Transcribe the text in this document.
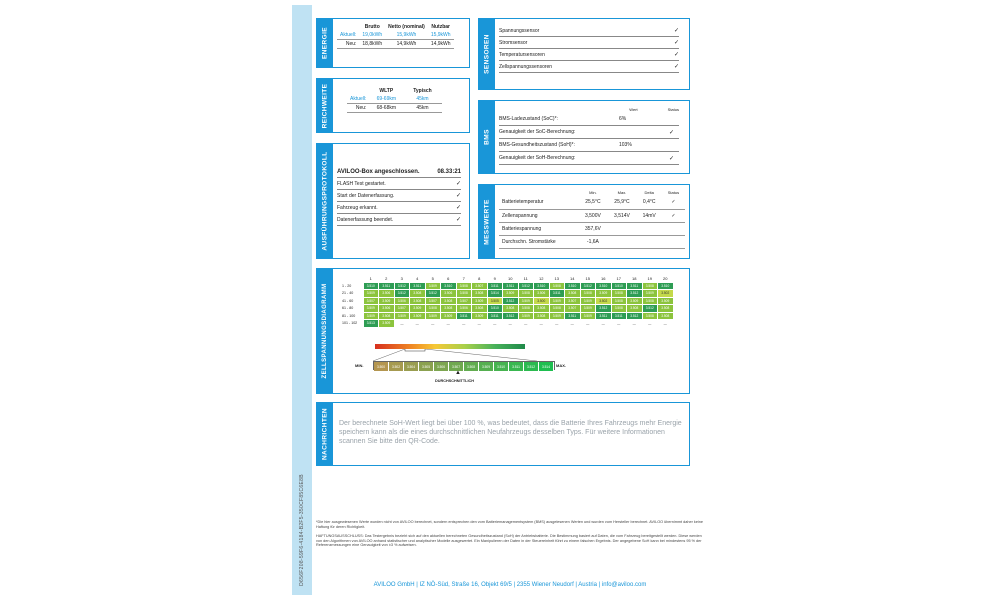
D656F208-59F6-4184-B2F5-350CF85C6E8B
ENERGIE
		Brutto	Netto (nominal)	Nutzbar
Aktuell:	19,0kWh	15,9kWh	15,9kWh
Neu:	18,8kWh	14,9kWh	14,9kWh
REICHWEITE
		WLTP	Typisch
Aktuell:	69-69km	45km
Neu:	68-68km	45km
AUSFÜHRUNGSPROTOKOLL AVILOO-Box angeschlossen.	08.33:21
FLASH Test gestartet.	✓
Start der Datenerfassung.	✓
Fahrzeug erkannt.	✓
Datenerfassung beendet.	✓
SENSOREN
Spannungssensor	✓
Stromsensor	✓
Temperatursensoren	✓
Zellspannungssensoren	✓
BMS
Wert	Status
BMS-Ladezustand (SoC)*:	6%
Genauigkeit der SoC-Berechnung:	✓
BMS-Gesundheitszustand (SoH)*:	103%
Genauigkeit der SoH-Berechnung:	✓
MESSWERTE
	Min.	Max.	Delta	Status
Batterietemperatur	25,5°C	25,9°C	0,4°C	✓
Zellenspannung	3,500V	3,514V	14mV	✓
Batteriespannung	357,6V			
Durchschn. Stromstärke	-1,6A			
ZELLSPANNUNGSDIAGRAMM
	1	2	3	4	5	6	7	8	9	10	11	12	13	14	15	16	17	18	19	20
1 - 20	3.510	3.511	3.512	3.511	3.509	3.510	3.508	3.507	3.511	3.511	3.512	3.510	3.508	3.510	3.512	3.510	3.510	3.511	3.508	3.510
21 - 40	3.509	3.506	3.512	3.508	3.512	3.506	3.508	3.508	3.514	3.509	3.508	3.506	3.511	3.508	3.508	3.509	3.508	3.512	3.509	3.502
41 - 60	3.507	3.509	3.506	3.508	3.507	3.508	3.507	3.509	3.505	3.512	3.509	3.500	3.509	3.507	3.509	3.502	3.508	3.509	3.508	3.509
61 - 80	3.509	3.506	3.507	3.509	3.508	3.508	3.506	3.508	3.510	3.508	3.508	3.508	3.508	3.507	3.509	3.512	3.508	3.508	3.512	3.508
81 - 100	3.509	3.508	3.509	3.509	3.509	3.509	3.511	3.509	3.511	3.512	3.509	3.508	3.509	3.511	3.509	3.511	3.511	3.512	3.508	3.508
101 - 102	3.513	3.509	—	—	—	—	—	—	—	—	—	—	—	—	—	—	—	—	—	—
MIN.	3.500	3.502	3.504	3.505	3.506	3.507	3.508	3.509	3.510	3.511	3.512	3.514	MAX.
▲
DURCHSCHNITTLICH
NACHRICHTEN Der berechnete SoH-Wert liegt bei über 100 %, was bedeutet, dass die Batterie Ihres Fahrzeugs mehr Energie speichern kann als die eines durchschnittlichen Neufahrzeugs desselben Typs. Für weitere Informationen scannen Sie bitte den QR-Code.

*Die hier ausgewiesenen Werte wurden nicht von AVILOO berechnet, sondern entsprechen den vom Batteriemanagementsystem (BMS) ausgelesenen Werten und wurden vom Hersteller berechnet. AVILOO übernimmt daher keine Haftung für deren Richtigkeit.

HAFTUNGSAUSSCHLUSS: Das Testergebnis bezieht sich auf den aktuellen berechneten Gesundheitszustand (SoH) der Antriebsbatterie. Die Bestimmung basiert auf Daten, die vom Fahrzeug bereitgestellt werden. Diese werden von den Algorithmen von AVILOO anhand statistischer und analytischer Modelle ausgewertet. Ein Manipulieren der Daten in der Steuereinheit führt zu einem falschen Ergebnis. Der angegebene SoH kann bei mindestens 95 % der Referenzmessungen eine Genauigkeit von ±3 % aufweisen.

AVILOO GmbH | IZ NÖ-Süd, Straße 16, Objekt 69/5 | 2355 Wiener Neudorf | Austria | info@aviloo.com
